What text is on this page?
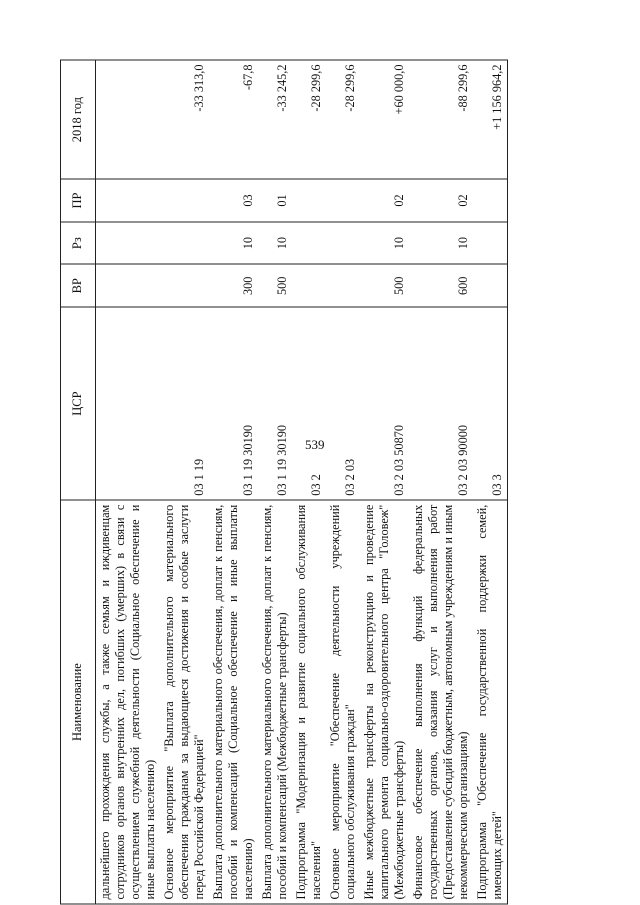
539
Наименование	ЦСР	ВР	Рз	ПР	2018 год
дальнейшего прохождения службы, а также семьям и иждивенцам сотрудников органов внутренних дел, погибших (умерших) в связи с осуществлением служебной деятельности (Социальное обеспечение и иные выплаты населению)					
Основное мероприятие "Выплата дополнительного материального обеспечения гражданам за выдающиеся достижения и особые заслуги перед Российской Федерацией"	03 1 19				-33 313,0
Выплата дополнительного материального обеспечения, доплат к пенсиям, пособий и компенсаций (Социальное обеспечение и иные выплаты населению)	03 1 19 30190	300	10	03	-67,8
Выплата дополнительного материального обеспечения, доплат к пенсиям, пособий и компенсаций (Межбюджетные трансферты)	03 1 19 30190	500	10	01	-33 245,2
Подпрограмма "Модернизация и развитие социального обслуживания населения"	03 2				-28 299,6
Основное мероприятие "Обеспечение деятельности учреждений социального обслуживания граждан"	03 2 03				-28 299,6
Иные межбюджетные трансферты на реконструкцию и проведение капитального ремонта социально-оздоровительного центра "Головеж" (Межбюджетные трансферты)	03 2 03 50870	500	10	02	+60 000,0
Финансовое обеспечение выполнения функций федеральных государственных органов, оказания услуг и выполнения работ (Предоставление субсидий бюджетным, автономным учреждениям и иным некоммерческим организациям)	03 2 03 90000	600	10	02	-88 299,6
Подпрограмма "Обеспечение государственной поддержки семей, имеющих детей"	03 3				+1 156 964,2
